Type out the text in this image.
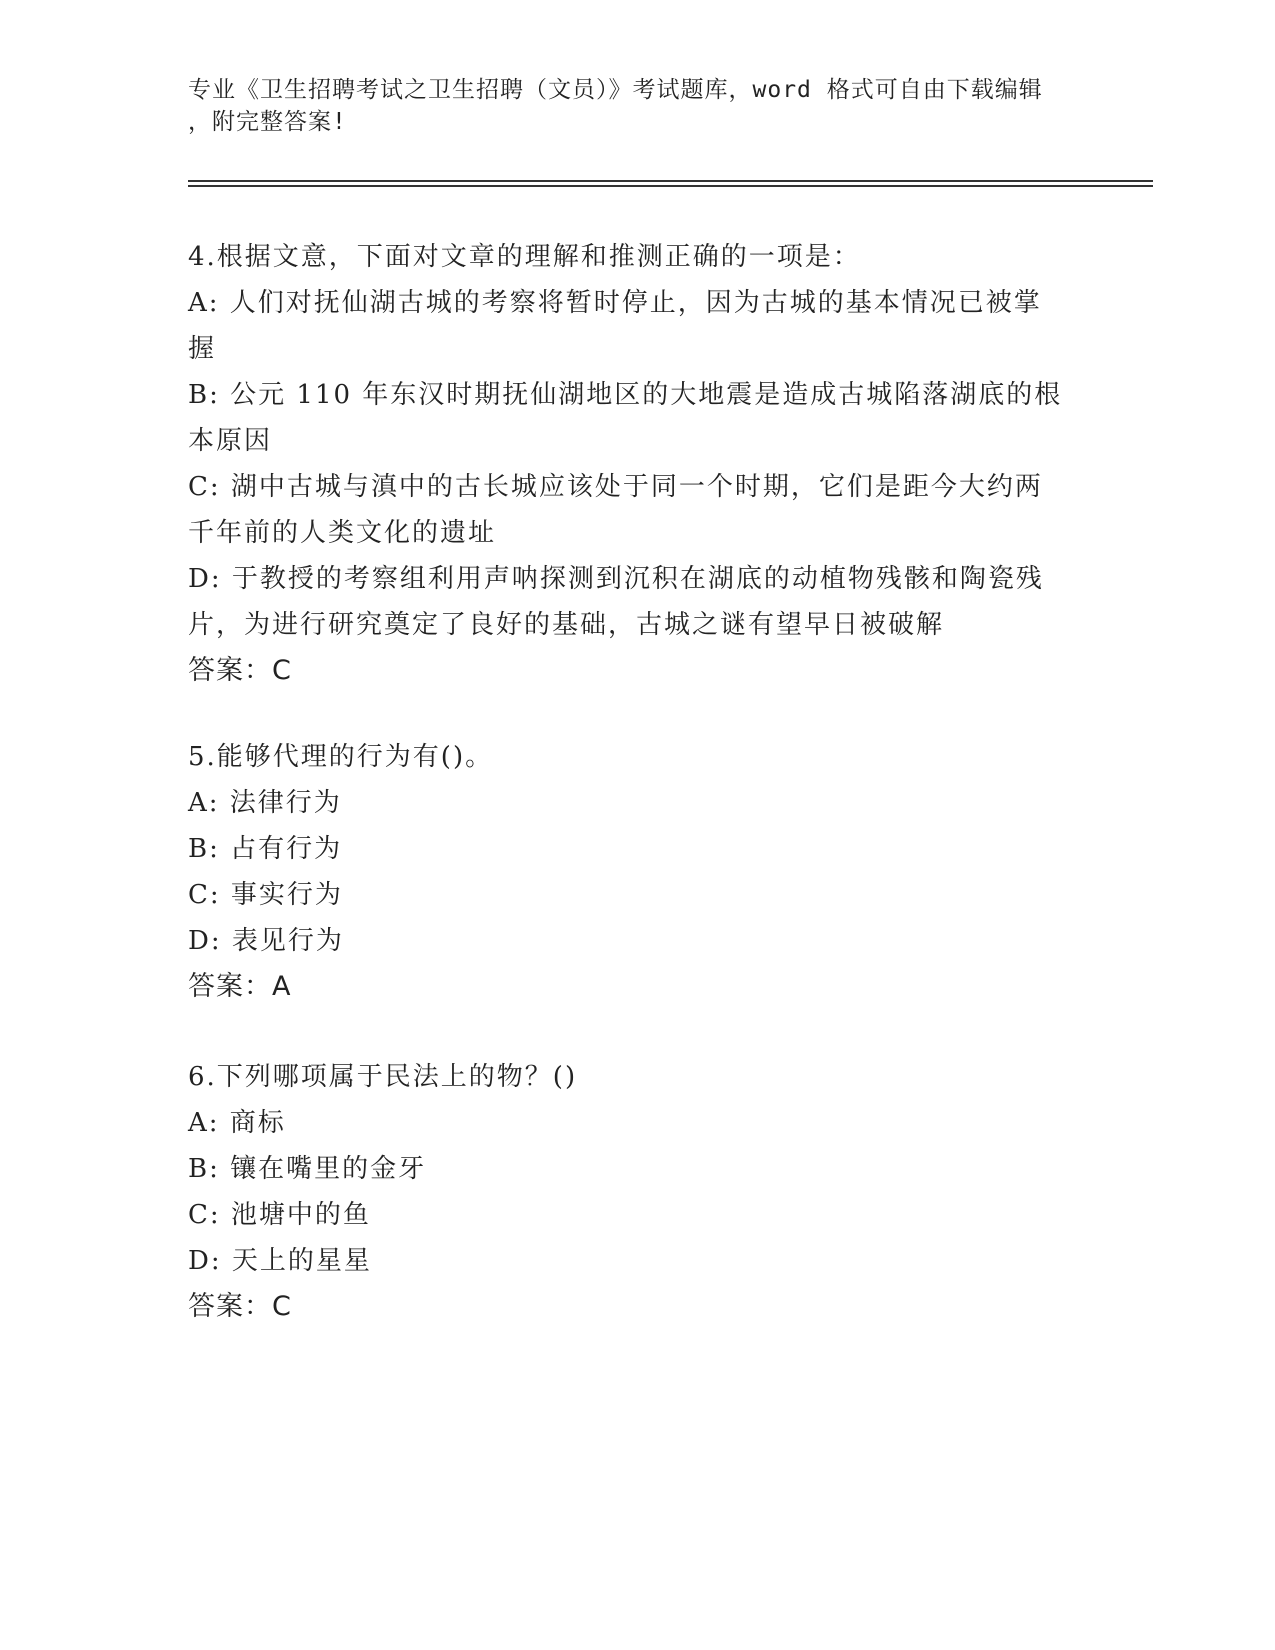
专业《卫生招聘考试之卫生招聘（文员）》考试题库，word 格式可自由下载编辑
，附完整答案!
4.根据文意，下面对文章的理解和推测正确的一项是：
A: 人们对抚仙湖古城的考察将暂时停止，因为古城的基本情况已被掌
握
B: 公元 110 年东汉时期抚仙湖地区的大地震是造成古城陷落湖底的根
本原因
C: 湖中古城与滇中的古长城应该处于同一个时期，它们是距今大约两
千年前的人类文化的遗址
D: 于教授的考察组利用声呐探测到沉积在湖底的动植物残骸和陶瓷残
片，为进行研究奠定了良好的基础，古城之谜有望早日被破解
答案：C
5.能够代理的行为有()。
A: 法律行为
B: 占有行为
C: 事实行为
D: 表见行为
答案：A
6.下列哪项属于民法上的物？()
A: 商标
B: 镶在嘴里的金牙
C: 池塘中的鱼
D: 天上的星星
答案：C
